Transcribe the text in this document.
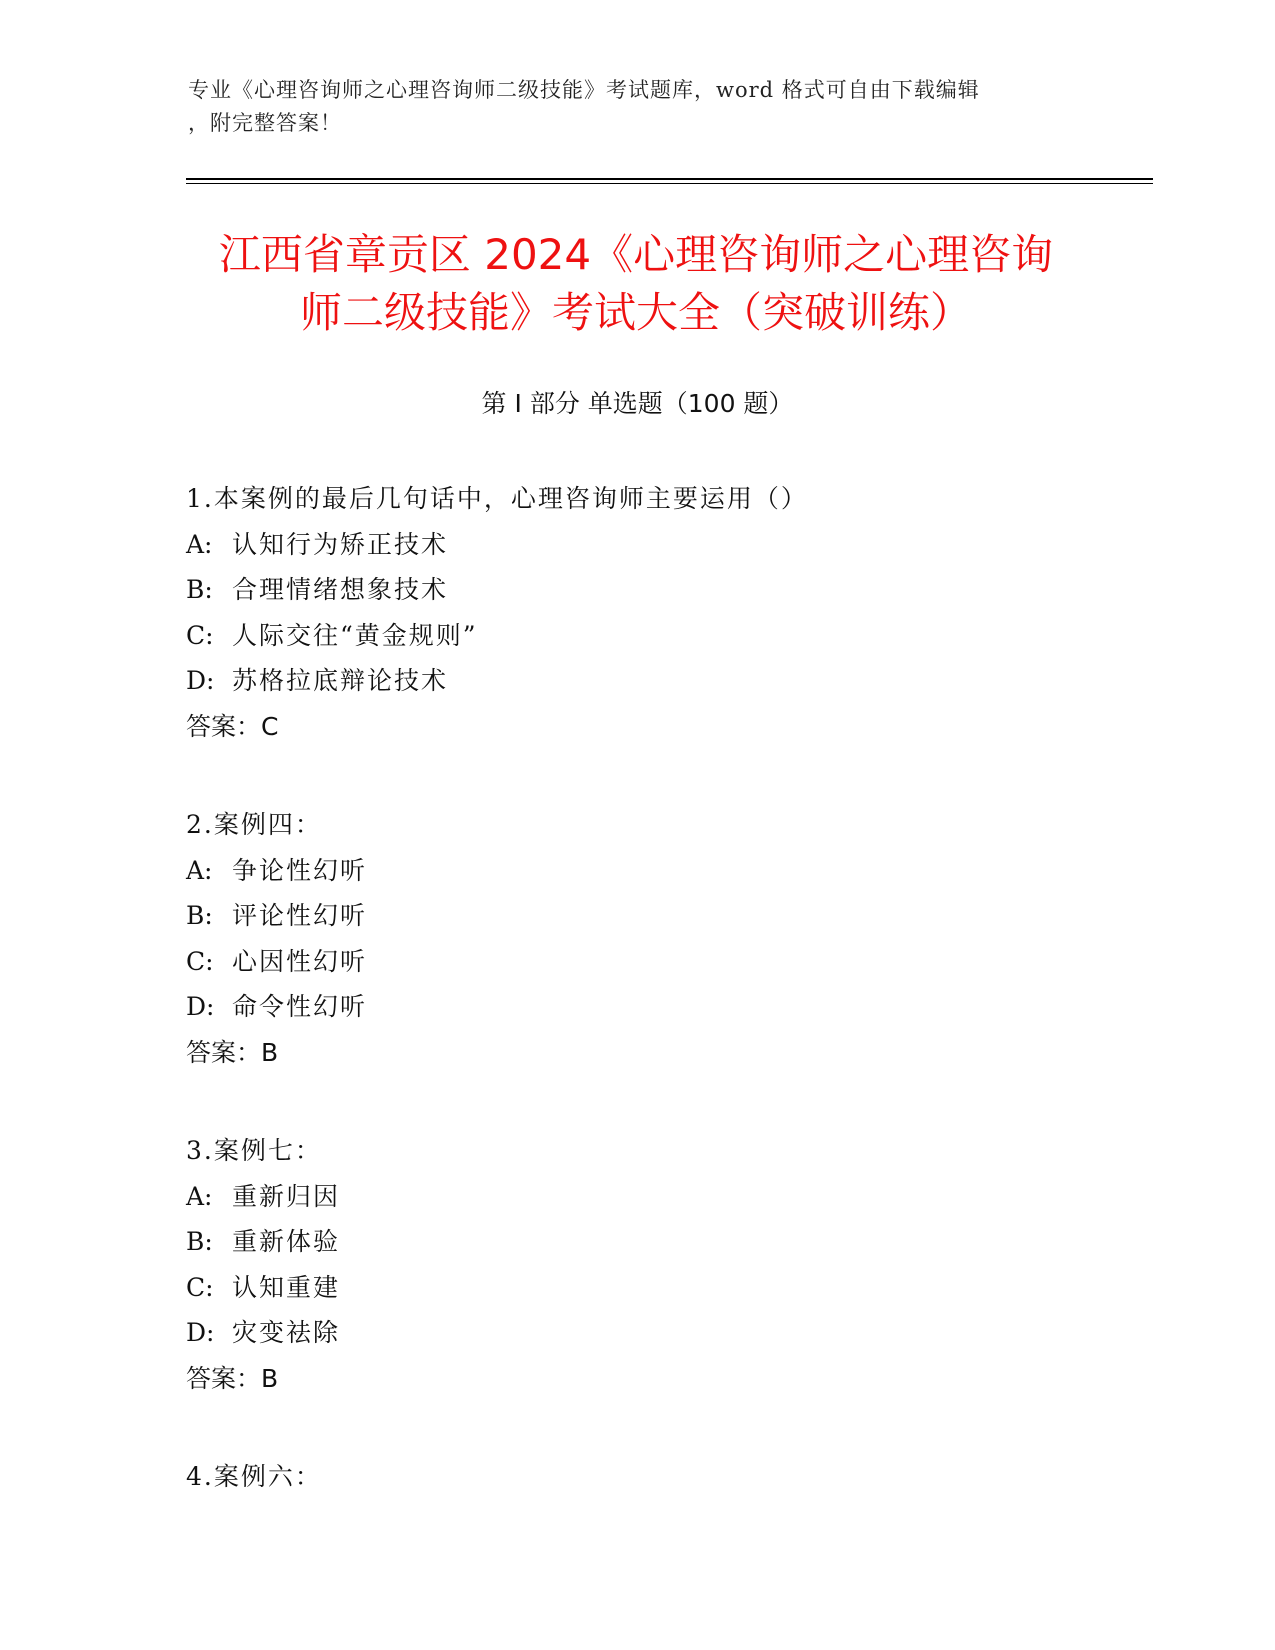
专业《心理咨询师之心理咨询师二级技能》考试题库，word 格式可自由下载编辑
，附完整答案！
江西省章贡区 2024《心理咨询师之心理咨询
师二级技能》考试大全（突破训练）
第 I 部分 单选题（100 题）
1.本案例的最后几句话中，心理咨询师主要运用（）
A: 认知行为矫正技术
B: 合理情绪想象技术
C: 人际交往“黄金规则”
D: 苏格拉底辩论技术
答案：C
2.案例四：
A: 争论性幻听
B: 评论性幻听
C: 心因性幻听
D: 命令性幻听
答案：B
3.案例七：
A: 重新归因
B: 重新体验
C: 认知重建
D: 灾变祛除
答案：B
4.案例六：
